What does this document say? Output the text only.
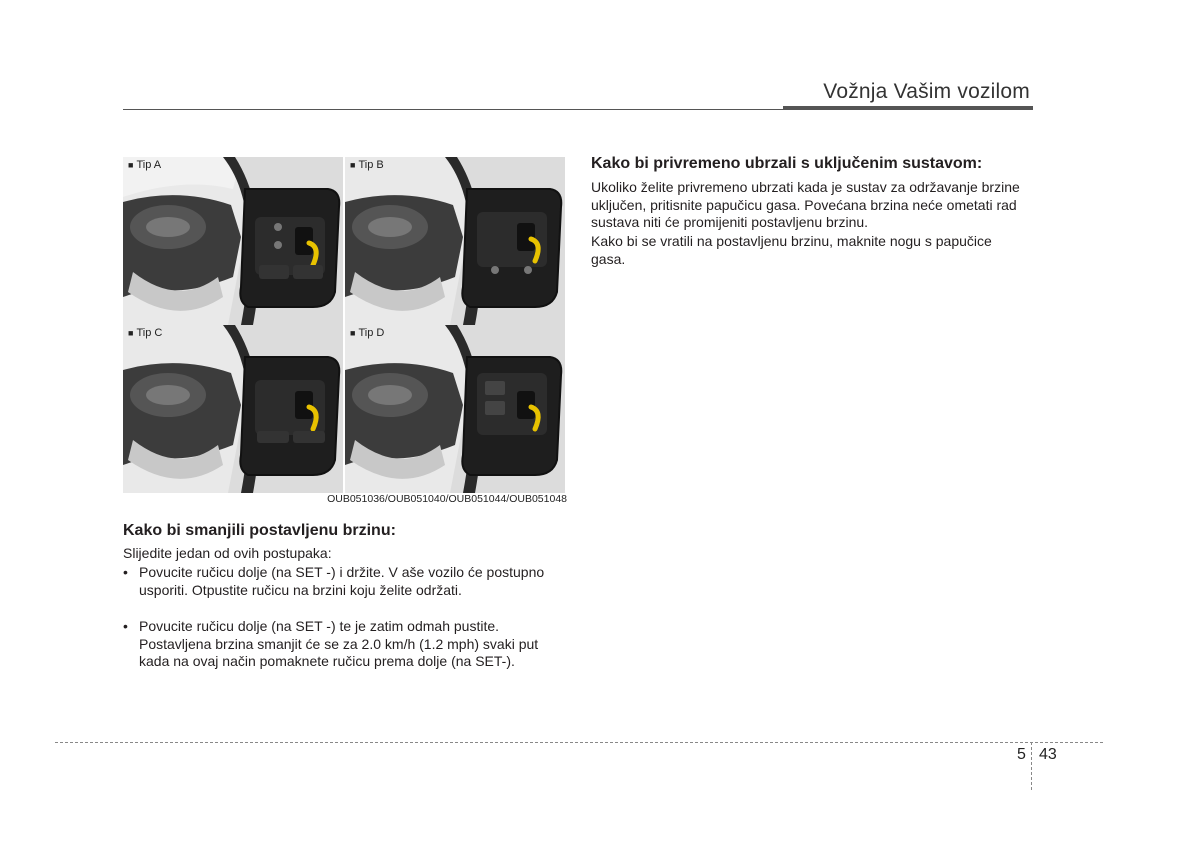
Vožnja Vašim vozilom
■ Tip A	■ Tip B
■ Tip C	■ Tip D
OUB051036/OUB051040/OUB051044/OUB051048
Kako bi smanjili postavljenu brzinu:
Slijedite jedan od ovih postupaka:
• Povucite ručicu dolje (na SET -) i držite. V aše vozilo će postupno usporiti. Otpustite ručicu na brzini koju želite održati.
• Povucite ručicu dolje (na SET -) te je zatim odmah pustite. Postavljena brzina smanjit će se za 2.0 km/h (1.2 mph) svaki put kada na ovaj način pomaknete ručicu prema dolje (na SET-).
Kako bi privremeno ubrzali s uključenim sustavom:
Ukoliko želite privremeno ubrzati kada je sustav za održavanje brzine uključen, pritisnite papučicu gasa. Povećana brzina neće ometati rad sustava niti će promijeniti postavljenu brzinu.
Kako bi se vratili na postavljenu brzinu, maknite nogu s papučice gasa.
5 43
